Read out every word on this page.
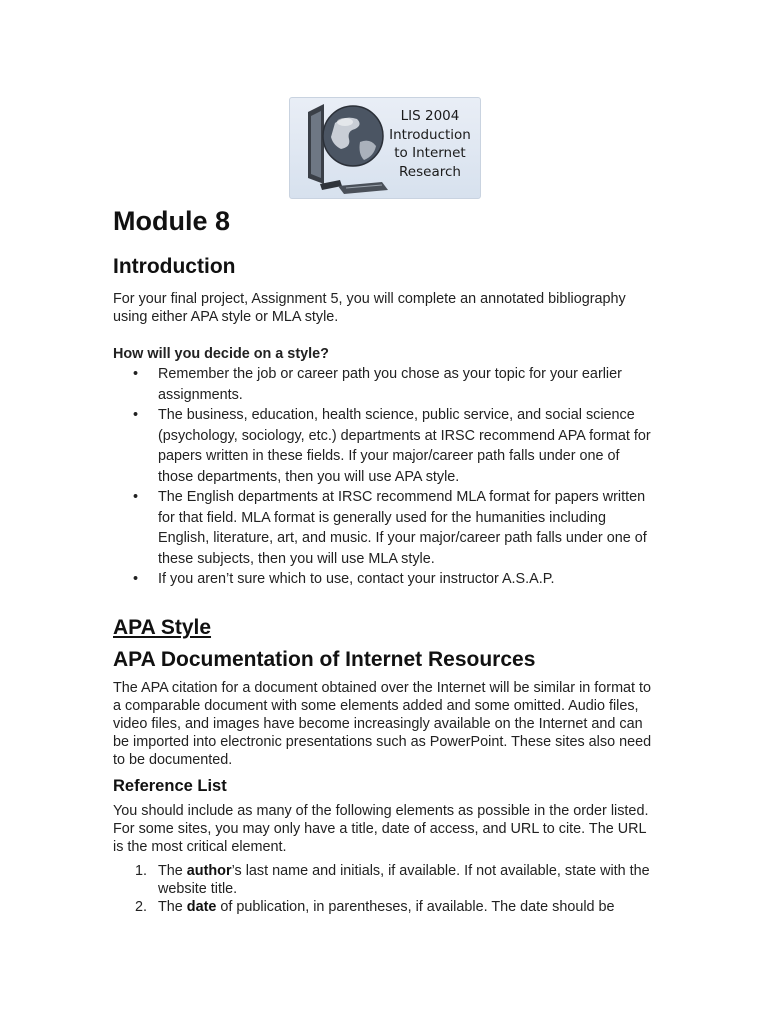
LIS 2004
Introduction
to Internet
Research
Module 8
Introduction

For your final project, Assignment 5, you will complete an annotated bibliography using either APA style or MLA style.

How will you decide on a style?

• Remember the job or career path you chose as your topic for your earlier assignments.
• The business, education, health science, public service, and social science (psychology, sociology, etc.) departments at IRSC recommend APA format for papers written in these fields. If your major/career path falls under one of those departments, then you will use APA style.
• The English departments at IRSC recommend MLA format for papers written for that field. MLA format is generally used for the humanities including English, literature, art, and music. If your major/career path falls under one of these subjects, then you will use MLA style.
• If you aren’t sure which to use, contact your instructor A.S.A.P.
APA Style
APA Documentation of Internet Resources

The APA citation for a document obtained over the Internet will be similar in format to a comparable document with some elements added and some omitted. Audio files, video files, and images have become increasingly available on the Internet and can be imported into electronic presentations such as PowerPoint. These sites also need to be documented.

Reference List

You should include as many of the following elements as possible in the order listed. For some sites, you may only have a title, date of access, and URL to cite. The URL is the most critical element.

1. The author’s last name and initials, if available. If not available, state with the website title.
2. The date of publication, in parentheses, if available. The date should be
